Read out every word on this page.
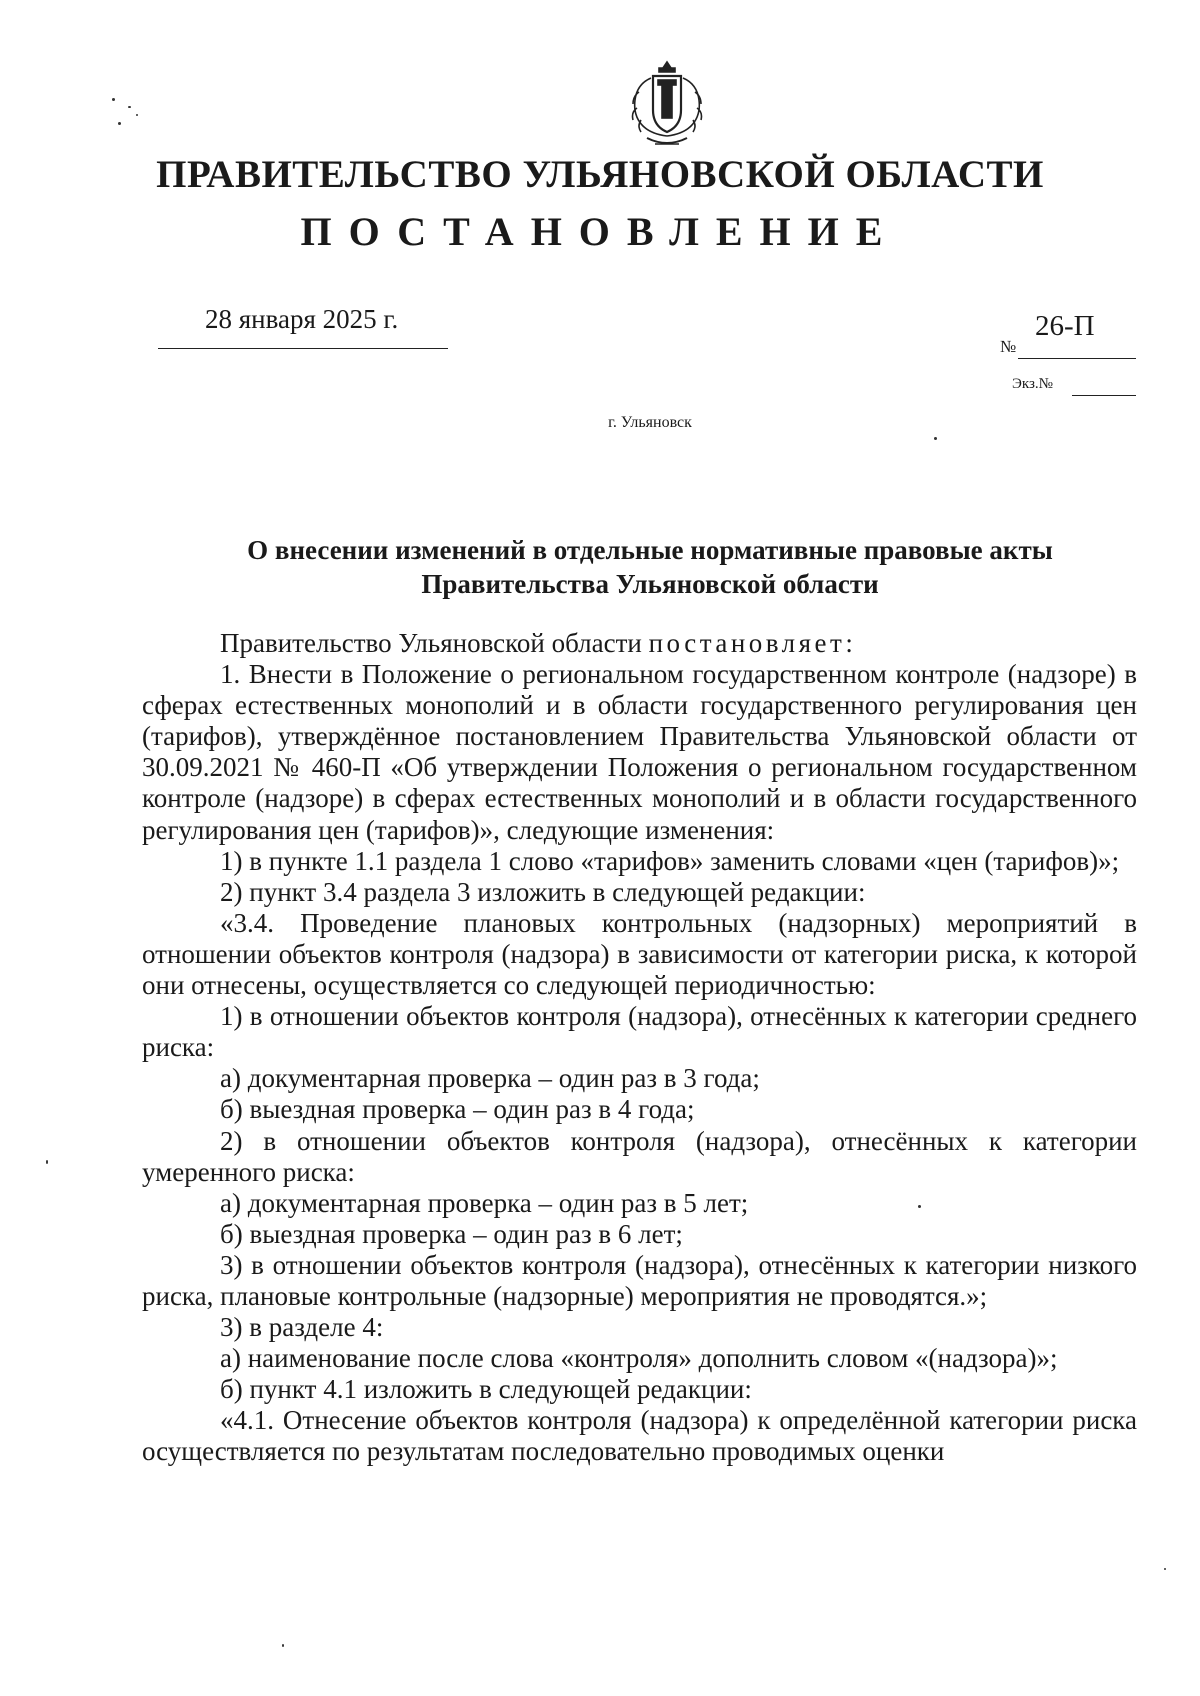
ПРАВИТЕЛЬСТВО УЛЬЯНОВСКОЙ ОБЛАСТИ
ПОСТАНОВЛЕНИЕ
28 января 2025 г.
№
26-П
Экз.№
г. Ульяновск
О внесении изменений в отдельные нормативные правовые акты
Правительства Ульяновской области

Правительство Ульяновской области постановляет:

1. Внести в Положение о региональном государственном контроле (надзоре) в сферах естественных монополий и в области государственного регулирования цен (тарифов), утверждённое постановлением Правительства Ульяновской области от 30.09.2021 № 460-П «Об утверждении Положения о региональном государственном контроле (надзоре) в сферах естественных монополий и в области государственного регулирования цен (тарифов)», следующие изменения:

1) в пункте 1.1 раздела 1 слово «тарифов» заменить словами «цен (тарифов)»;

2) пункт 3.4 раздела 3 изложить в следующей редакции:

«3.4. Проведение плановых контрольных (надзорных) мероприятий в отношении объектов контроля (надзора) в зависимости от категории риска, к которой они отнесены, осуществляется со следующей периодичностью:

1) в отношении объектов контроля (надзора), отнесённых к категории среднего риска:

а) документарная проверка – один раз в 3 года;

б) выездная проверка – один раз в 4 года;

2) в отношении объектов контроля (надзора), отнесённых к категории умеренного риска:

а) документарная проверка – один раз в 5 лет;

б) выездная проверка – один раз в 6 лет;

3) в отношении объектов контроля (надзора), отнесённых к категории низкого риска, плановые контрольные (надзорные) мероприятия не проводятся.»;

3) в разделе 4:

а) наименование после слова «контроля» дополнить словом «(надзора)»;

б) пункт 4.1 изложить в следующей редакции:

«4.1. Отнесение объектов контроля (надзора) к определённой категории риска осуществляется по результатам последовательно проводимых оценки
